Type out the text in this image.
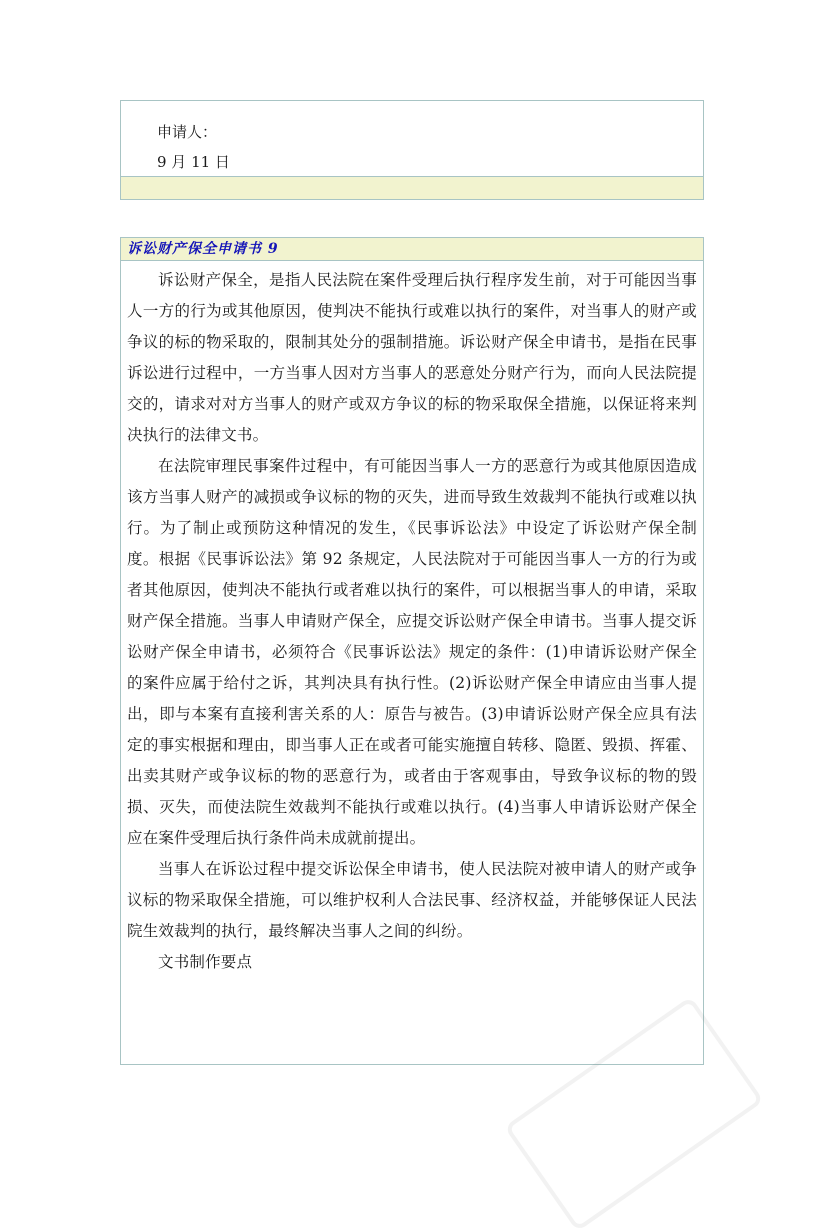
申请人：
9 月 11 日
诉讼财产保全申请书 9

诉讼财产保全，是指人民法院在案件受理后执行程序发生前，对于可能因当事人一方的行为或其他原因，使判决不能执行或难以执行的案件，对当事人的财产或争议的标的物采取的，限制其处分的强制措施。诉讼财产保全申请书，是指在民事诉讼进行过程中，一方当事人因对方当事人的恶意处分财产行为，而向人民法院提交的，请求对对方当事人的财产或双方争议的标的物采取保全措施，以保证将来判决执行的法律文书。

在法院审理民事案件过程中，有可能因当事人一方的恶意行为或其他原因造成该方当事人财产的减损或争议标的物的灭失，进而导致生效裁判不能执行或难以执行。为了制止或预防这种情况的发生，《民事诉讼法》中设定了诉讼财产保全制度。根据《民事诉讼法》第 92 条规定，人民法院对于可能因当事人一方的行为或者其他原因，使判决不能执行或者难以执行的案件，可以根据当事人的申请，采取财产保全措施。当事人申请财产保全，应提交诉讼财产保全申请书。当事人提交诉讼财产保全申请书，必须符合《民事诉讼法》规定的条件：(1)申请诉讼财产保全的案件应属于给付之诉，其判决具有执行性。(2)诉讼财产保全申请应由当事人提出，即与本案有直接利害关系的人：原告与被告。(3)申请诉讼财产保全应具有法定的事实根据和理由，即当事人正在或者可能实施擅自转移、隐匿、毁损、挥霍、出卖其财产或争议标的物的恶意行为，或者由于客观事由，导致争议标的物的毁损、灭失，而使法院生效裁判不能执行或难以执行。(4)当事人申请诉讼财产保全应在案件受理后执行条件尚未成就前提出。

当事人在诉讼过程中提交诉讼保全申请书，使人民法院对被申请人的财产或争议标的物采取保全措施，可以维护权利人合法民事、经济权益，并能够保证人民法院生效裁判的执行，最终解决当事人之间的纠纷。

文书制作要点
